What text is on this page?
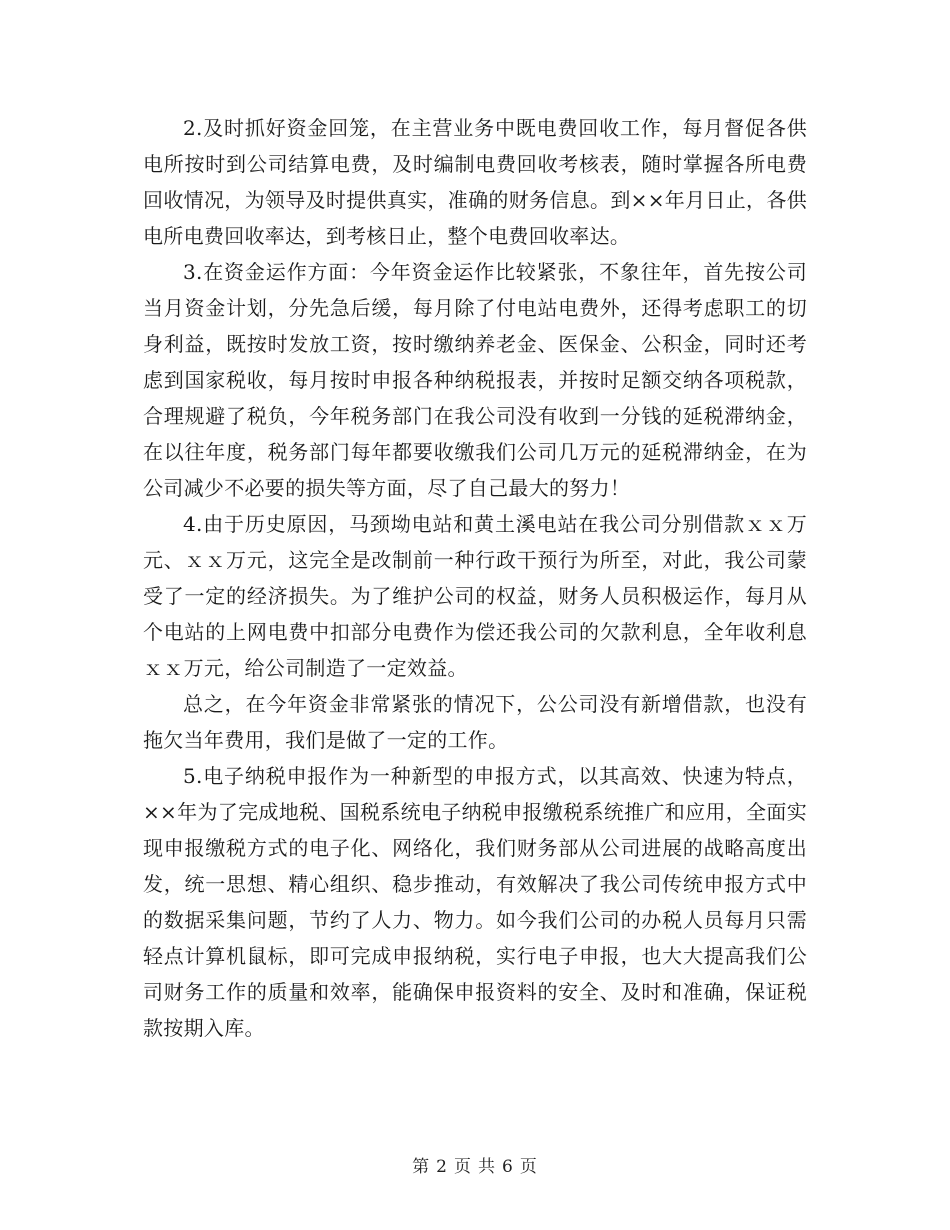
2.及时抓好资金回笼，在主营业务中既电费回收工作，每月督促各供电所按时到公司结算电费，及时编制电费回收考核表，随时掌握各所电费回收情况，为领导及时提供真实，准确的财务信息。到××年月日止，各供电所电费回收率达，到考核日止，整个电费回收率达。

3.在资金运作方面：今年资金运作比较紧张，不象往年，首先按公司当月资金计划，分先急后缓，每月除了付电站电费外，还得考虑职工的切身利益，既按时发放工资，按时缴纳养老金、医保金、公积金，同时还考虑到国家税收，每月按时申报各种纳税报表，并按时足额交纳各项税款，合理规避了税负，今年税务部门在我公司没有收到一分钱的延税滞纳金，在以往年度，税务部门每年都要收缴我们公司几万元的延税滞纳金，在为公司减少不必要的损失等方面，尽了自己最大的努力！

4.由于历史原因，马颈坳电站和黄土溪电站在我公司分别借款ｘｘ万元、ｘｘ万元，这完全是改制前一种行政干预行为所至，对此，我公司蒙受了一定的经济损失。为了维护公司的权益，财务人员积极运作，每月从个电站的上网电费中扣部分电费作为偿还我公司的欠款利息，全年收利息ｘｘ万元，给公司制造了一定效益。

总之，在今年资金非常紧张的情况下，公公司没有新增借款，也没有拖欠当年费用，我们是做了一定的工作。

5.电子纳税申报作为一种新型的申报方式，以其高效、快速为特点，××年为了完成地税、国税系统电子纳税申报缴税系统推广和应用，全面实现申报缴税方式的电子化、网络化，我们财务部从公司进展的战略高度出发，统一思想、精心组织、稳步推动，有效解决了我公司传统申报方式中的数据采集问题，节约了人力、物力。如今我们公司的办税人员每月只需轻点计算机鼠标，即可完成申报纳税，实行电子申报，也大大提高我们公司财务工作的质量和效率，能确保申报资料的安全、及时和准确，保证税款按期入库。

第 2 页 共 6 页
